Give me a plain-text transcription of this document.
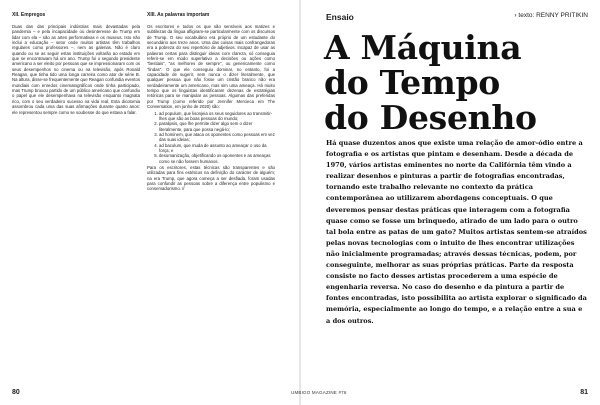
XII. Empregos

Duas das das principais indústrias mais devastadas pela pandemia – e pela incapacidade ou desinteresse de Trump em lidar com ela – são as artes performativas e os museus. Isto não inclui a educação – setor onde muitos artistas têm trabalhos regulares como professores –, nem as galerias. Não é claro quando ou se as seguir estas instituições voltarão ao estado em que se encontravam há um ano. Trump foi o segundo presidente americano a ser eleito por pessoas que se impressionaram com os seus desempenhos no cinema ou na televisão, após Ronald Reagan, que tinha tido uma longa carreira como ator de série B. Na altura, disse-se frequentemente que Reagan confundia eventos mundiais com enredos cinematográficos onde tinha participado, mas Trump bruxou partido de um público americano que confundiu o papel que ele desempenhava na televisão enquanto magnata rico, com o seu verdadeiro sucesso na vida real. Esta dicotomia assombrou cada uma das suas afirmações durante quatro anos: ele representou sempre como se soubesse do que estava a falar.

XIII. As palavras importam

Os escritores e todos os que são sensíveis aos matizes e subtilezas da língua afligiram-se particularmente com os discursos de Trump. O seu vocabulário era próprio de um estudante do secundário aos treze anos. Uma das coisas mais confrangedoras era a pobreza do seu repertório de adjetivos. Incapaz de usar as palavras certas para distinguir ideias com clareza, só conseguia referir-se em modo superlativo a decisões ou ações como "bestiais", "as melhores de sempre", ou genericamente como "lindas". O que ele conseguiu dominar, no entanto, foi a capacidade de sugerir, sem nunca o dizer literalmente, que qualquer pessoa que não fosse um cristão branco não era verdadeiramente um americano, mas sim uma ameaça. Há muito tempo que os linguistas identificaram dezenas de estratégias retóricas para se manipular as pessoas. Algumas das preferidas por Trump (como referido por Jennifer Mercieca em The Conversation, em junho de 2020) são:

1. ad populum, que lisonjeia os seus seguidores ao transmitir-lhes que são as boas pessoas do mundo;
2. paralipsis, que lhe permite dizer algo sem o dizer literalmente, para que possa negá-lo;
3. ad hominem, que ataca os oponentes como pessoas em vez das suas ideias;
4. ad baculum, que muda de assunto ao ameaçar o uso da força; e
5. desumanização, objetificando os oponentes e as ameaças como se não fossem humanos.

Para os escritores, estas técnicas são transparentes e são utilizadas para fins estéticos na definição do carácter de alguém; na era Trump, que agora começa a ser desfiada, foram usadas para confundir as pessoas sobre a diferença entre populismo e conservadorismo. //

80
Ensaio	› texto: RENNY PRITIKIN
A Máquina
do Tempo
do Desenho

Há quase duzentos anos que existe uma relação de amor-ódio entre a fotografia e os artistas que pintam e desenham. Desde a década de 1970, vários artistas eminentes no norte da Califórnia têm vindo a realizar desenhos e pinturas a partir de fotografias encontradas, tornando este trabalho relevante no contexto da prática contemporânea ao utilizarem abordagens conceptuais. O que deveremos pensar destas práticas que interagem com a fotografia quase como se fosse um brinquedo, atirado de um lado para o outro tal bola entre as patas de um gato? Muitos artistas sentem-se atraídos pelas novas tecnologias com o intuito de lhes encontrar utilizações não inicialmente programadas; através dessas técnicas, podem, por conseguinte, melhorar as suas próprias práticas. Parte da resposta consiste no facto desses artistas procederem a uma espécie de engenharia reversa. No caso do desenho e da pintura a partir de fontes encontradas, isto possibilita ao artista explorar o significado da memória, especialmente ao longo do tempo, e a relação entre a sua e a dos outros.

81
UMBIGO MAGAZINE #76
